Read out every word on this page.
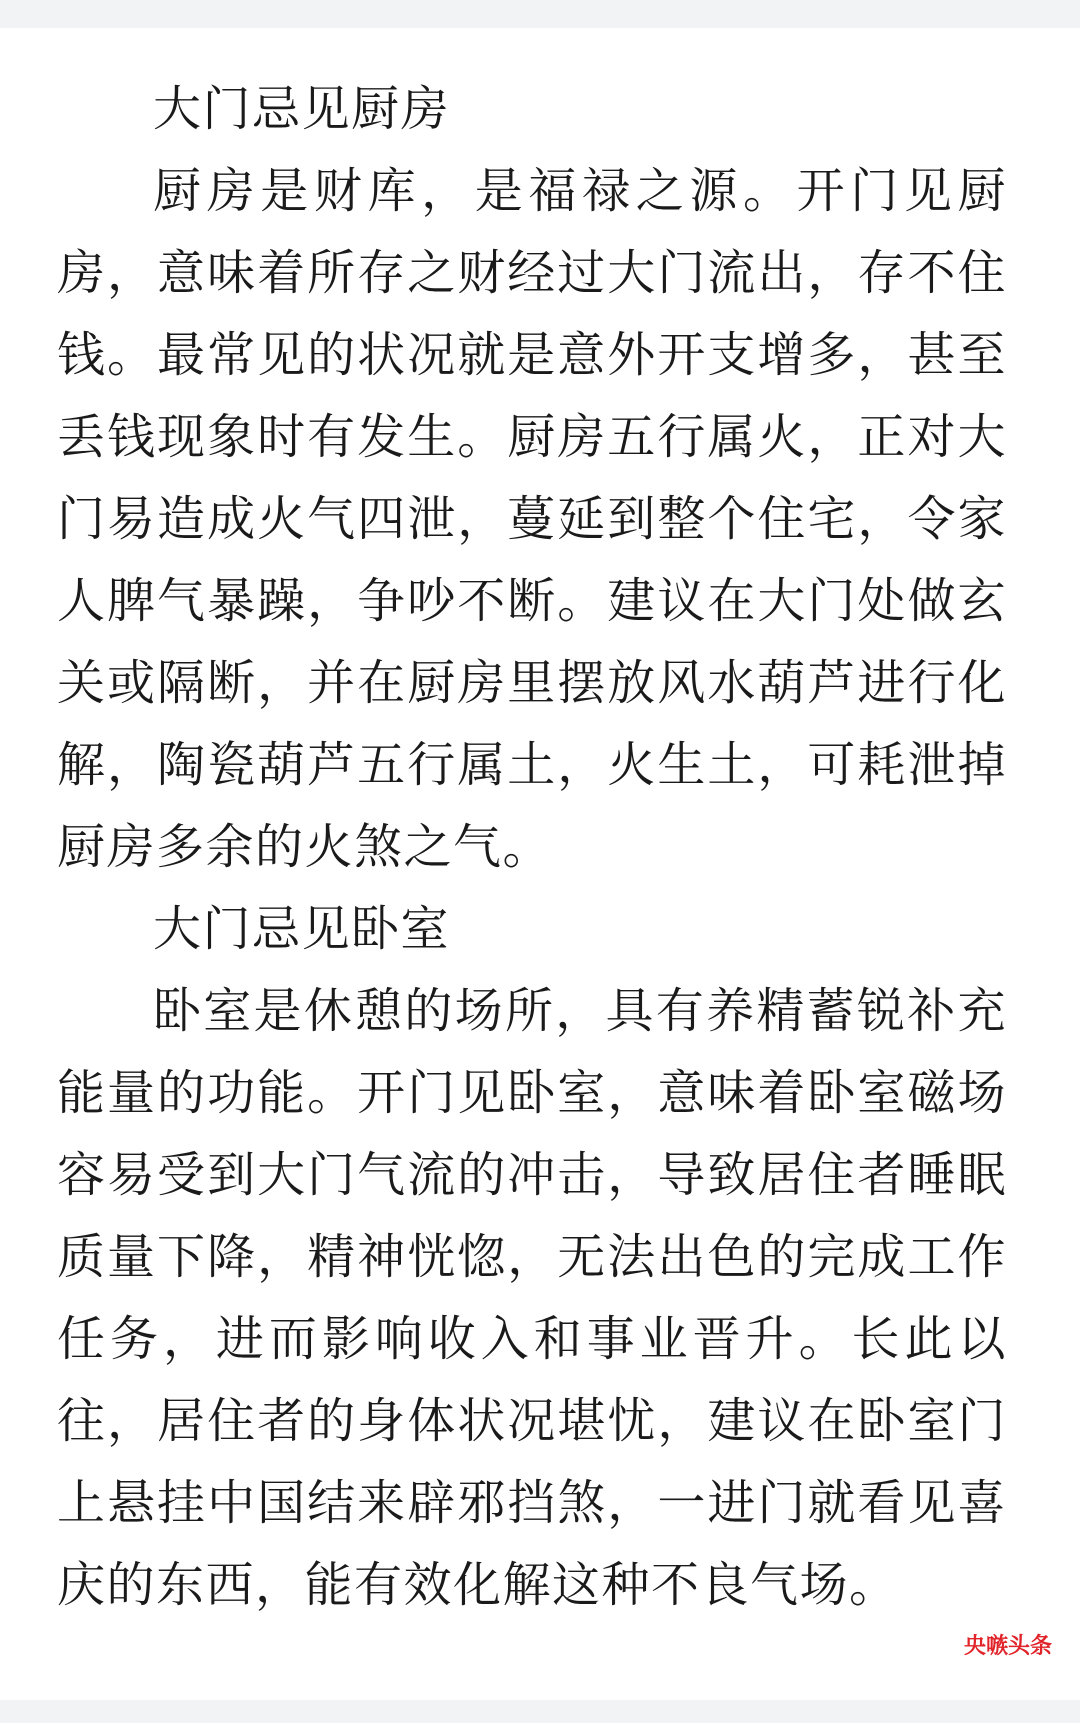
大门忌见厨房

厨房是财库，是福禄之源。开门见厨房，意味着所存之财经过大门流出，存不住钱。最常见的状况就是意外开支增多，甚至丢钱现象时有发生。厨房五行属火，正对大门易造成火气四泄，蔓延到整个住宅，令家人脾气暴躁，争吵不断。建议在大门处做玄关或隔断，并在厨房里摆放风水葫芦进行化解，陶瓷葫芦五行属土，火生土，可耗泄掉厨房多余的火煞之气。

大门忌见卧室

卧室是休憩的场所，具有养精蓄锐补充能量的功能。开门见卧室，意味着卧室磁场容易受到大门气流的冲击，导致居住者睡眠质量下降，精神恍惚，无法出色的完成工作任务，进而影响收入和事业晋升。长此以往，居住者的身体状况堪忧，建议在卧室门上悬挂中国结来辟邪挡煞，一进门就看见喜庆的东西，能有效化解这种不良气场。

央嗾头条
